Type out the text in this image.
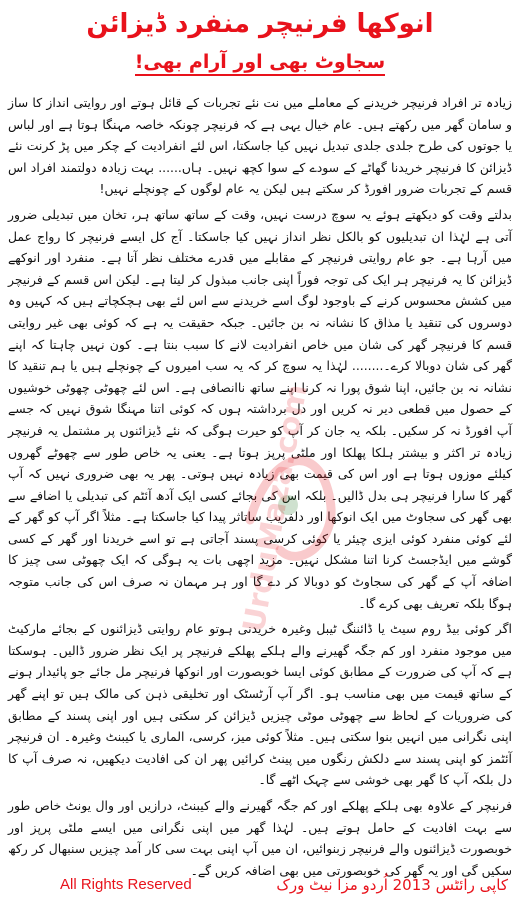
انوکھا فرنیچر منفرد ڈیزائن
سجاوٹ بھی اور آرام بھی!

زیادہ تر افراد فرنیچر خریدنے کے معاملے میں نت نئے تجربات کے قائل ہوتے اور روایتی انداز کا ساز و سامان گھر میں رکھتے ہیں۔ عام خیال یہی ہے کہ فرنیچر چونکہ خاصہ مہنگا ہوتا ہے اور لباس یا جوتوں کی طرح جلدی جلدی تبدیل نہیں کیا جاسکتا، اس لئے انفرادیت کے چکر میں پڑ کرنت نئے ڈیزائن کا فرنیچر خریدنا گھاٹے کے سودے کے سوا کچھ نہیں۔ ہاں...... بہت زیادہ دولتمند افراد اس قسم کے تجربات ضرور افورڈ کر سکتے ہیں لیکن یہ عام لوگوں کے چونچلے نہیں!

بدلتے وقت کو دیکھتے ہوئے یہ سوچ درست نہیں، وقت کے ساتھ ساتھ ہر، تخان میں تبدیلی ضرور آتی ہے لہٰذا ان تبدیلیوں کو بالکل نظر انداز نہیں کیا جاسکتا۔ آج کل ایسے فرنیچر کا رواج عمل میں آرہا ہے۔ جو عام روایتی فرنیچر کے مقابلے میں قدرے مختلف نظر آتا ہے۔ منفرد اور انوکھے ڈیزائن کا یہ فرنیچر ہر ایک کی توجہ فوراً اپنی جانب مبذول کر لیتا ہے۔ لیکن اس قسم کے فرنیچر میں کشش محسوس کرنے کے باوجود لوگ اسے خریدنے سے اس لئے بھی ہچکچاتے ہیں کہ کہیں وہ دوسروں کی تنقید یا مذاق کا نشانہ نہ بن جائیں۔ جبکہ حقیقت یہ ہے کہ کوئی بھی غیر روایتی قسم کا فرنیچر گھر کی شان میں خاص انفرادیت لانے کا سبب بنتا ہے۔ کون نہیں چاہتا کہ اپنے گھر کی شان دوبالا کرے۔........ لہٰذا یہ سوچ کر کہ یہ سب امیروں کے چونچلے ہیں یا ہم تنقید کا نشانہ نہ بن جائیں، اپنا شوق پورا نہ کرنا اپنے ساتھ ناانصافی ہے۔ اس لئے چھوٹی چھوٹی خوشیوں کے حصول میں قطعی دیر نہ کریں اور دل برداشتہ ہوں کہ کوئی اتنا مہنگا شوق نہیں کہ جسے آپ افورڈ نہ کر سکیں۔ بلکہ یہ جان کر آپ کو حیرت ہوگی کہ نئے ڈیزائنوں پر مشتمل یہ فرنیچر زیادہ تر اکثر و بیشتر ہلکا پھلکا اور ملٹی پرپز ہوتا ہے۔ یعنی یہ خاص طور سے چھوٹے گھروں کیلئے موزوں ہوتا ہے اور اس کی قیمت بھی زیادہ نہیں ہوتی۔ پھر یہ بھی ضروری نہیں کہ آپ گھر کا سارا فرنیچر ہی بدل ڈالیں۔ بلکہ اس کی بجائے کسی ایک آدھ آئٹم کی تبدیلی یا اضافے سے بھی گھر کی سجاوٹ میں ایک انوکھا اور دلفریب ساتاثر پیدا کیا جاسکتا ہے۔ مثلاً اگر آپ کو گھر کے لئے کوئی منفرد کوئی ایزی چیئر یا کوئی کرسی پسند آجاتی ہے تو اسے خریدنا اور گھر کے کسی گوشے میں ایڈجسٹ کرنا اتنا مشکل نہیں۔ مزید اچھی بات یہ ہوگی کہ ایک چھوٹی سی چیز کا اضافہ آپ کے گھر کی سجاوٹ کو دوبالا کر دے گا اور ہر مہمان نہ صرف اس کی جانب متوجہ ہوگا بلکہ تعریف بھی کرے گا۔

اگر کوئی بیڈ روم سیٹ یا ڈائننگ ٹیبل وغیرہ خریدنی ہوتو عام روایتی ڈیزائنوں کے بجائے مارکیٹ میں موجود منفرد اور کم جگہ گھیرنے والے ہلکے پھلکے فرنیچر پر ایک نظر ضرور ڈالیں۔ ہوسکتا ہے کہ آپ کی ضرورت کے مطابق کوئی ایسا خوبصورت اور انوکھا فرنیچر مل جائے جو پائیدار ہونے کے ساتھ قیمت میں بھی مناسب ہو۔ اگر آپ آرٹسٹک اور تخلیقی ذہن کی مالک ہیں تو اپنے گھر کی ضروریات کے لحاظ سے چھوٹی موٹی چیزیں ڈیزائن کر سکتی ہیں اور اپنی پسند کے مطابق اپنی نگرانی میں انہیں بنوا سکتی ہیں۔ مثلاً کوئی میز، کرسی، الماری یا کیبنٹ وغیرہ۔ ان فرنیچر آئٹمز کو اپنی پسند سے دلکش رنگوں میں پینٹ کرائیں پھر ان کی افادیت دیکھیں، نہ صرف آپ کا دل بلکہ آپ کا گھر بھی خوشی سے چہک اٹھے گا۔

فرنیچر کے علاوہ بھی ہلکے پھلکے اور کم جگہ گھیرنے والے کیبنٹ، درازیں اور وال یونٹ خاص طور سے بہت افادیت کے حامل ہوتے ہیں۔ لہٰذا گھر میں اپنی نگرانی میں ایسے ملٹی پرپز اور خوبصورت ڈیزائنوں والے فرنیچر زبنوائیں، ان میں آپ اپنی بہت سی کار آمد چیزیں سنبھال کر رکھ سکیں گی اور یہ گھر کی خوبصورتی میں بھی اضافہ کریں گے۔

UrduMaza.com
All Rights Reserved	کاپی رائٹس 2013 اُردو مزا نیٹ ورک
